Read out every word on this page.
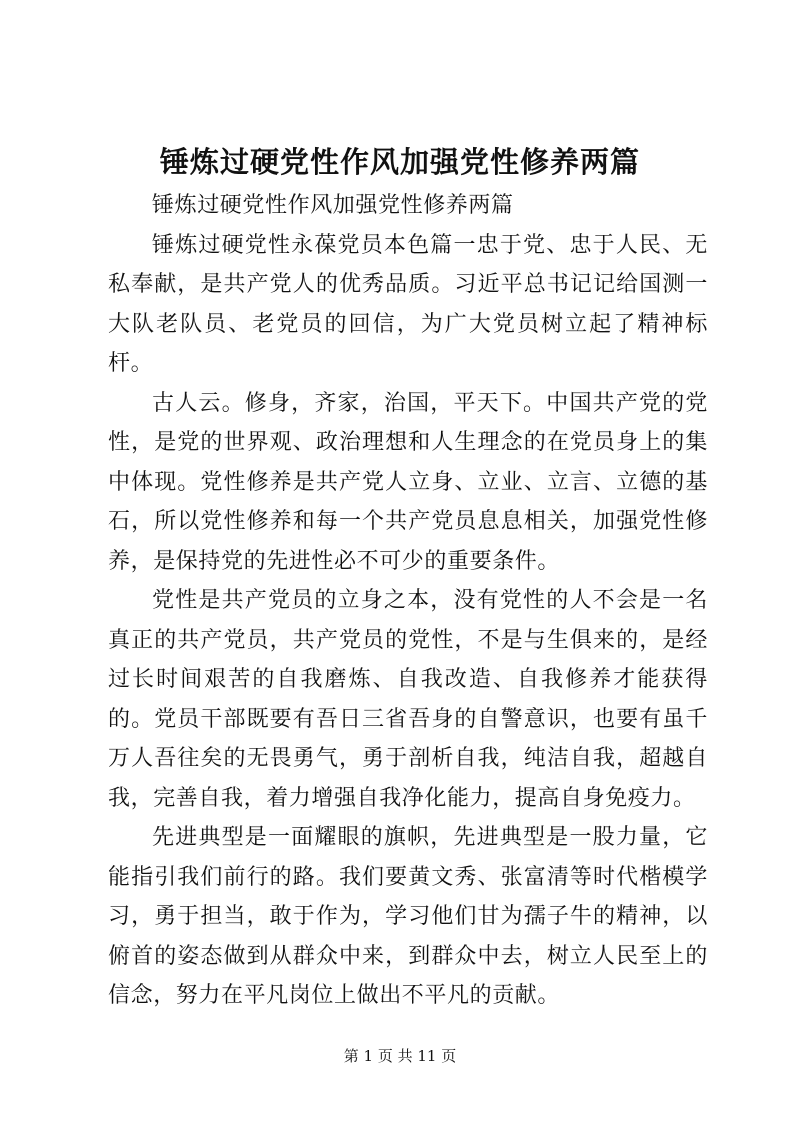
锤炼过硬党性作风加强党性修养两篇

锤炼过硬党性作风加强党性修养两篇

锤炼过硬党性永葆党员本色篇一忠于党、忠于人民、无私奉献，是共产党人的优秀品质。习近平总书记记给国测一大队老队员、老党员的回信，为广大党员树立起了精神标杆。

古人云。修身，齐家，治国，平天下。中国共产党的党性，是党的世界观、政治理想和人生理念的在党员身上的集中体现。党性修养是共产党人立身、立业、立言、立德的基石，所以党性修养和每一个共产党员息息相关，加强党性修养，是保持党的先进性必不可少的重要条件。

党性是共产党员的立身之本，没有党性的人不会是一名真正的共产党员，共产党员的党性，不是与生俱来的，是经过长时间艰苦的自我磨炼、自我改造、自我修养才能获得的。党员干部既要有吾日三省吾身的自警意识，也要有虽千万人吾往矣的无畏勇气，勇于剖析自我，纯洁自我，超越自我，完善自我，着力增强自我净化能力，提高自身免疫力。

先进典型是一面耀眼的旗帜，先进典型是一股力量，它能指引我们前行的路。我们要黄文秀、张富清等时代楷模学习，勇于担当，敢于作为，学习他们甘为孺子牛的精神，以俯首的姿态做到从群众中来，到群众中去，树立人民至上的信念，努力在平凡岗位上做出不平凡的贡献。

第 1 页 共 11 页
